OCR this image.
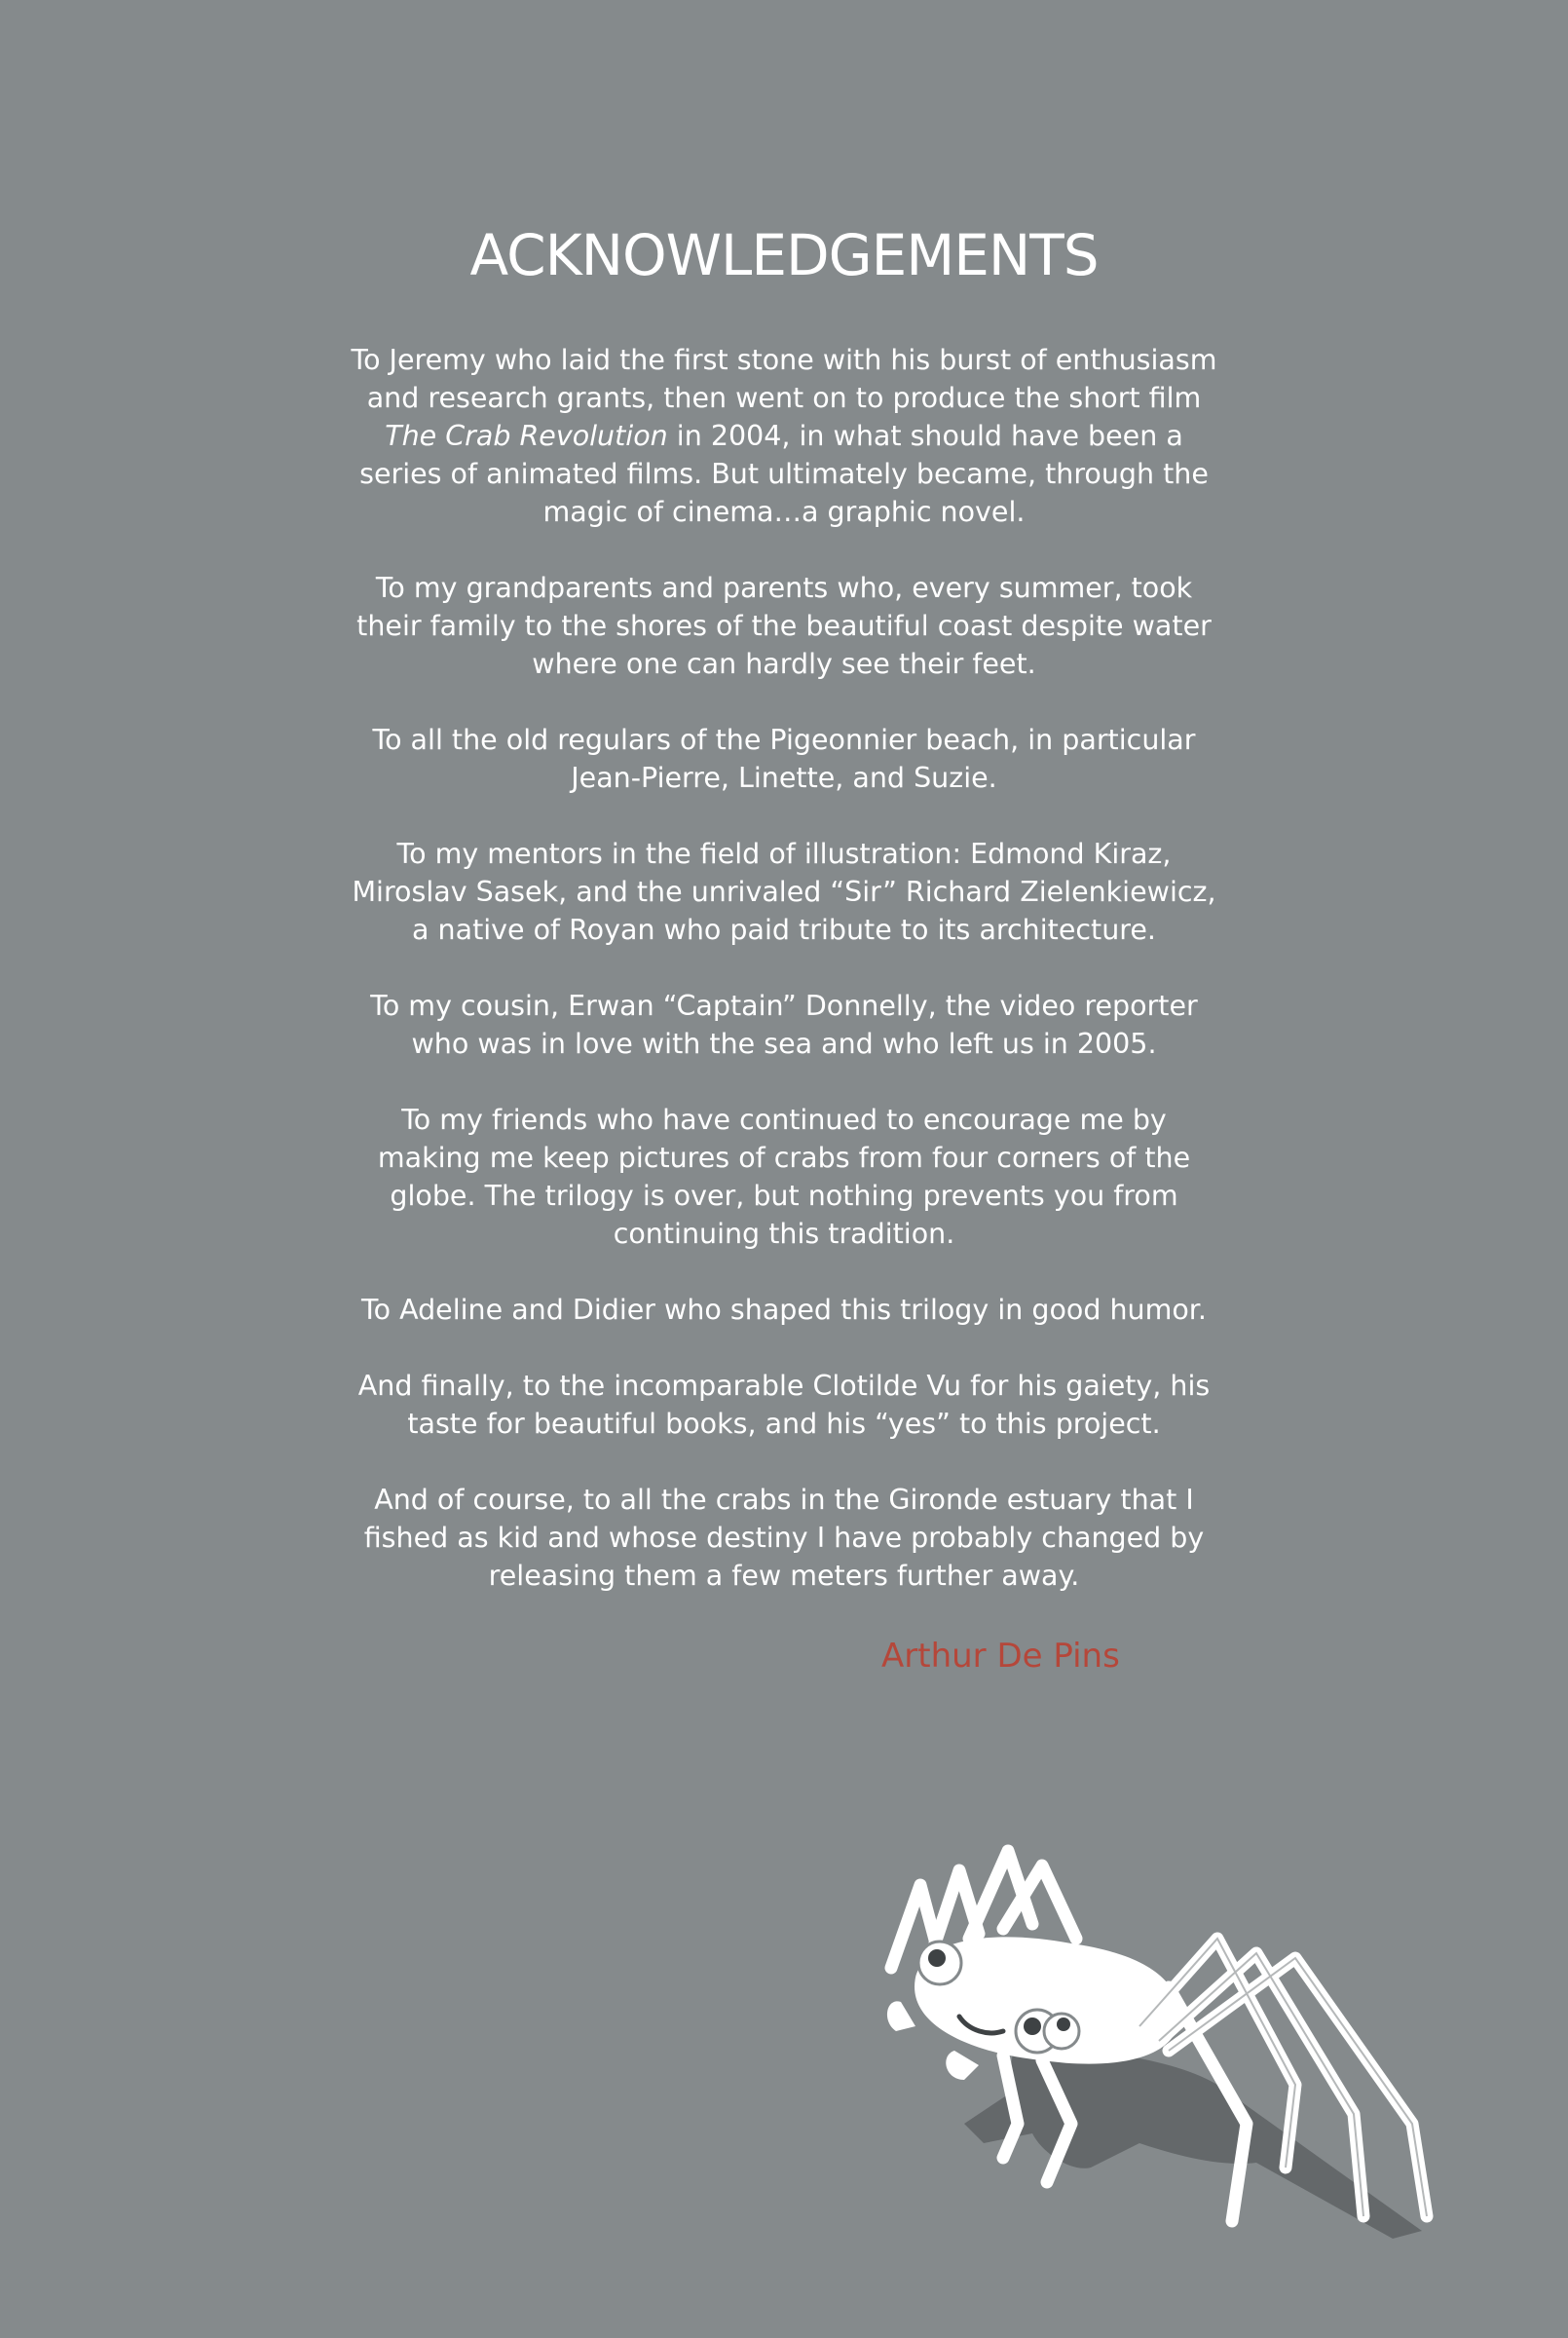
ACKNOWLEDGEMENTS

To Jeremy who laid the first stone with his burst of enthusiasm
and research grants, then went on to produce the short film
The Crab Revolution in 2004, in what should have been a
series of animated films. But ultimately became, through the
magic of cinema…a graphic novel.

To my grandparents and parents who, every summer, took
their family to the shores of the beautiful coast despite water
where one can hardly see their feet.

To all the old regulars of the Pigeonnier beach, in particular
Jean-Pierre, Linette, and Suzie.

To my mentors in the field of illustration: Edmond Kiraz,
Miroslav Sasek, and the unrivaled “Sir” Richard Zielenkiewicz,
a native of Royan who paid tribute to its architecture.

To my cousin, Erwan “Captain” Donnelly, the video reporter
who was in love with the sea and who left us in 2005.

To my friends who have continued to encourage me by
making me keep pictures of crabs from four corners of the
globe. The trilogy is over, but nothing prevents you from
continuing this tradition.

To Adeline and Didier who shaped this trilogy in good humor.

And finally, to the incomparable Clotilde Vu for his gaiety, his
taste for beautiful books, and his “yes” to this project.

And of course, to all the crabs in the Gironde estuary that I
fished as kid and whose destiny I have probably changed by
releasing them a few meters further away.

Arthur De Pins
